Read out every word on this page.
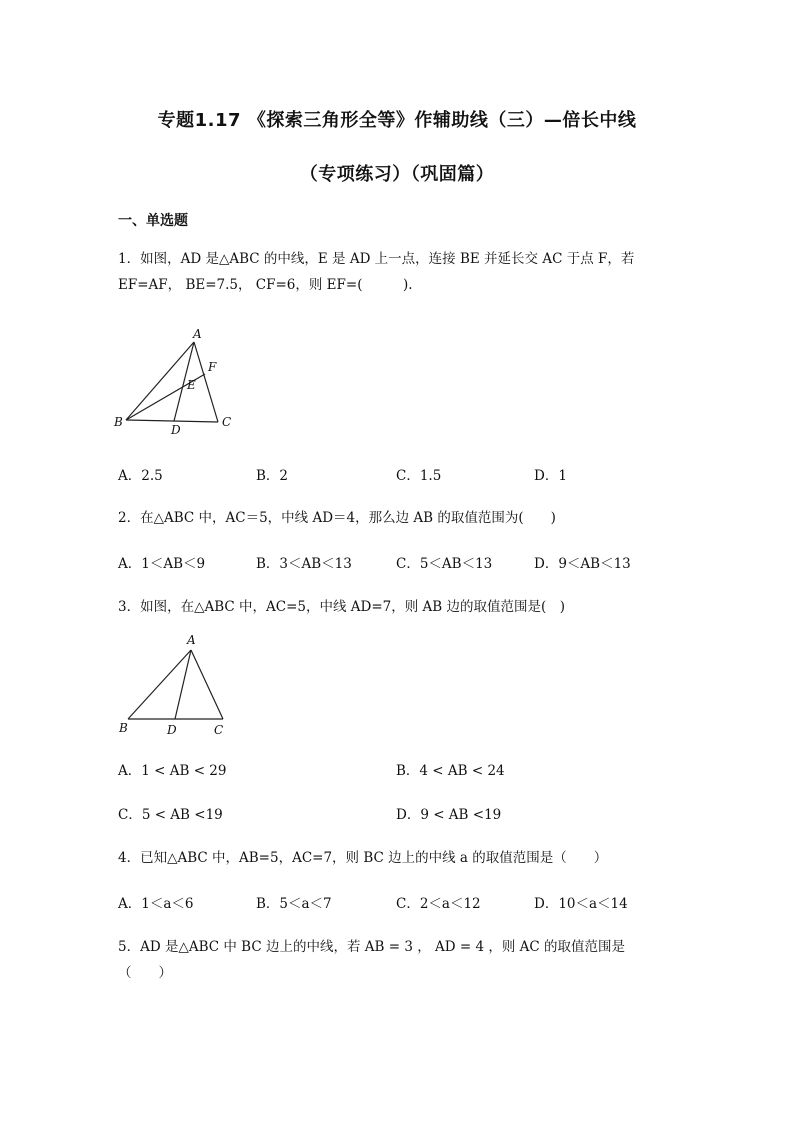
专题1.17 《探索三角形全等》作辅助线（三）—倍长中线
（专项练习）（巩固篇）
一、单选题
1．如图，AD 是△ABC 的中线，E 是 AD 上一点，连接 BE 并延长交 AC 于点 F，若
EF=AF， BE=7.5， CF=6，则 EF=(　　　).
A
B	C
D
E
F
A．2.5	B．2	C．1.5	D．1
2．在△ABC 中，AC＝5，中线 AD＝4，那么边 AB 的取值范围为(　　)
A．1＜AB＜9	B．3＜AB＜13	C．5＜AB＜13	D．9＜AB＜13
3．如图，在△ABC 中，AC=5，中线 AD=7，则 AB 边的取值范围是(　)
A
B	C
D
A．1 < AB < 29	B．4 < AB < 24
C．5 < AB <19	D．9 < AB <19
4．已知△ABC 中，AB=5，AC=7，则 BC 边上的中线 a 的取值范围是（　　）
A．1＜a＜6	B．5＜a＜7	C．2＜a＜12	D．10＜a＜14
5．AD 是△ABC 中 BC 边上的中线，若 AB = 3 ， AD = 4 ，则 AC 的取值范围是
（　　）
